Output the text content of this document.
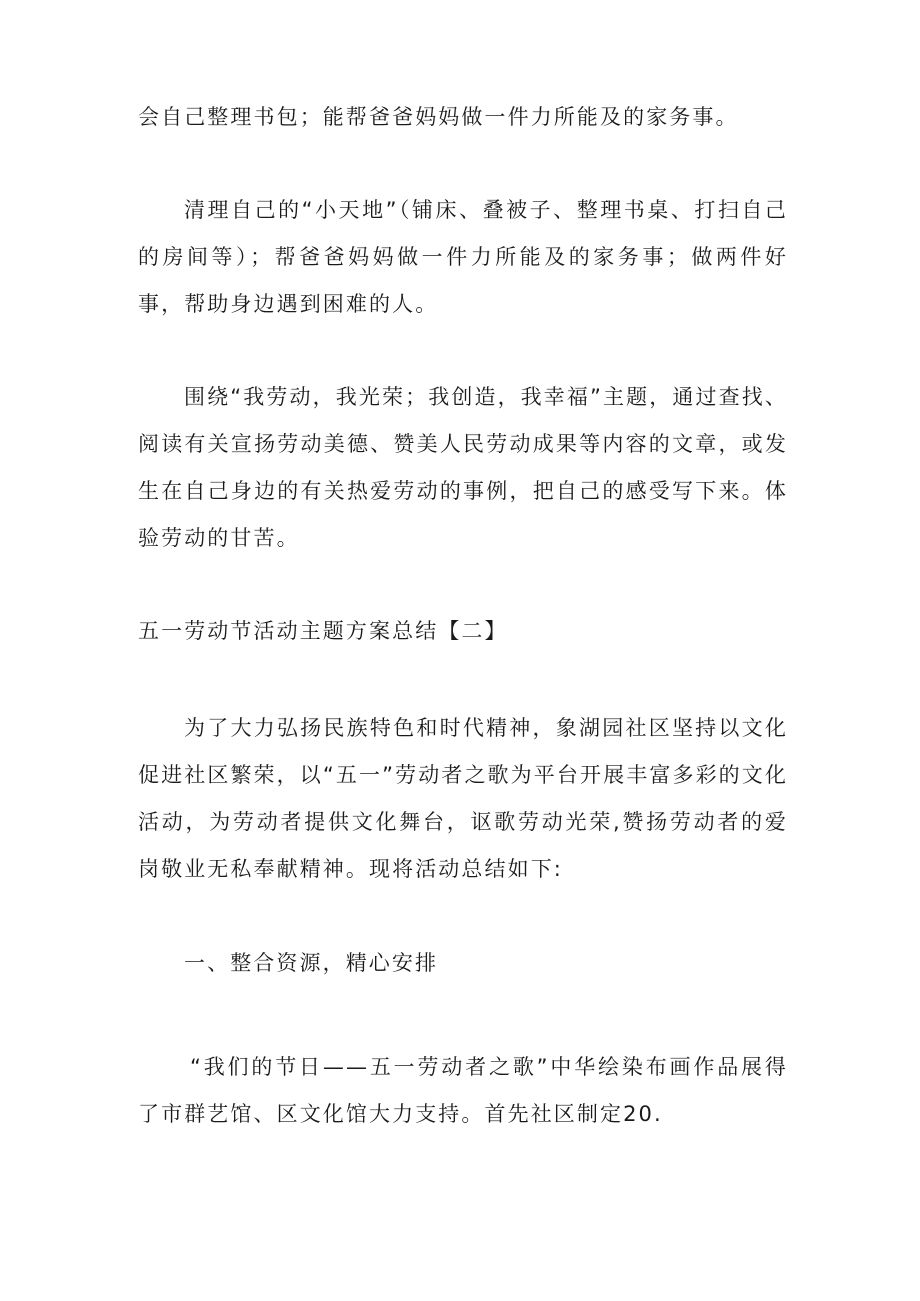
会自己整理书包；能帮爸爸妈妈做一件力所能及的家务事。

清理自己的“小天地”（铺床、叠被子、整理书桌、打扫自己的房间等）；帮爸爸妈妈做一件力所能及的家务事；做两件好事，帮助身边遇到困难的人。

围绕“我劳动，我光荣；我创造，我幸福”主题，通过查找、阅读有关宣扬劳动美德、赞美人民劳动成果等内容的文章，或发生在自己身边的有关热爱劳动的事例，把自己的感受写下来。体验劳动的甘苦。

五一劳动节活动主题方案总结【二】

为了大力弘扬民族特色和时代精神，象湖园社区坚持以文化促进社区繁荣，以“五一”劳动者之歌为平台开展丰富多彩的文化活动，为劳动者提供文化舞台，讴歌劳动光荣,赞扬劳动者的爱岗敬业无私奉献精神。现将活动总结如下:

一、整合资源，精心安排

“我们的节日——五一劳动者之歌”中华绘染布画作品展得了市群艺馆、区文化馆大力支持。首先社区制定20.
